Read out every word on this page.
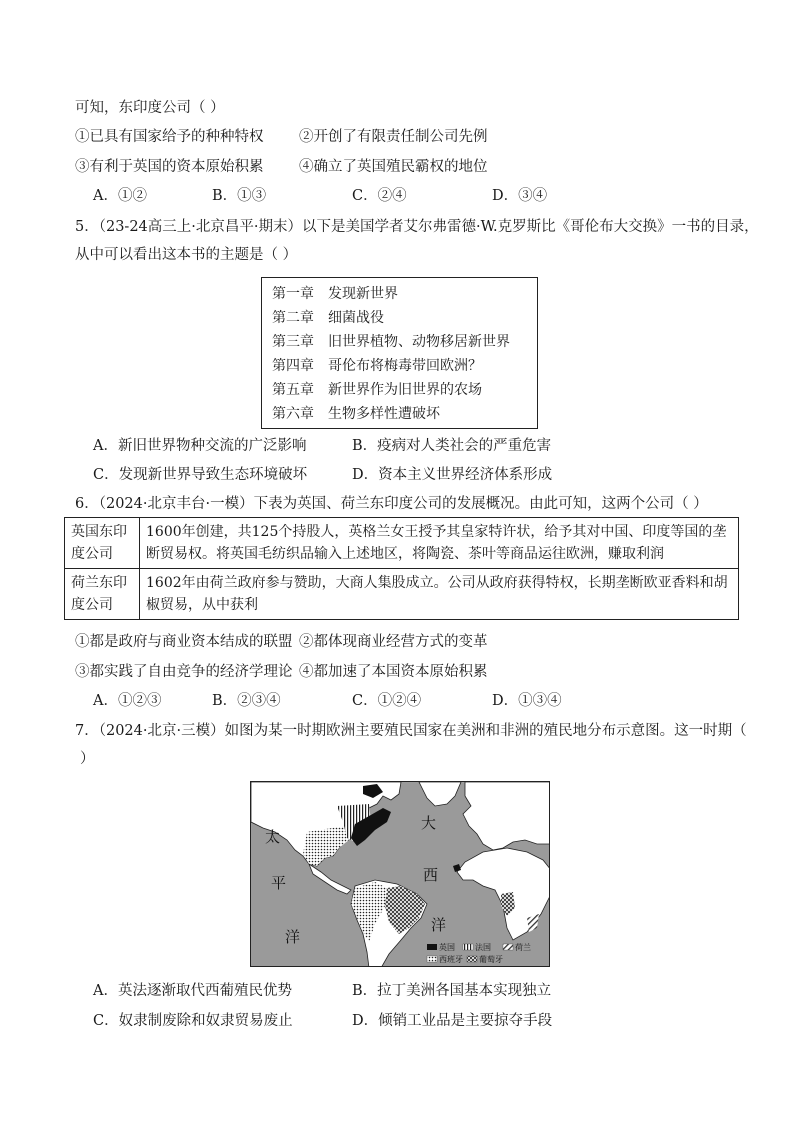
可知，东印度公司（ ）
①已具有国家给予的种种特权 ②开创了有限责任制公司先例
③有利于英国的资本原始积累 ④确立了英国殖民霸权的地位
A．①②	B．①③	C．②④	D．③④
5．（23-24高三上·北京昌平·期末）以下是美国学者艾尔弗雷德·W.克罗斯比《哥伦布大交换》一书的目录，
从中可以看出这本书的主题是（ ）
第一章 发现新世界
第二章 细菌战役
第三章 旧世界植物、动物移居新世界
第四章 哥伦布将梅毒带回欧洲？
第五章 新世界作为旧世界的农场
第六章 生物多样性遭破坏
A．新旧世界物种交流的广泛影响	B．疫病对人类社会的严重危害
C．发现新世界导致生态环境破坏	D．资本主义世界经济体系形成
6．（2024·北京丰台·一模）下表为英国、荷兰东印度公司的发展概况。由此可知，这两个公司（ ）
英国东印度公司	1600年创建，共125个持股人，英格兰女王授予其皇家特许状，给予其对中国、印度等国的垄断贸易权。将英国毛纺织品输入上述地区，将陶瓷、茶叶等商品运往欧洲，赚取利润
荷兰东印度公司	1602年由荷兰政府参与赞助，大商人集股成立。公司从政府获得特权，长期垄断欧亚香料和胡椒贸易，从中获利
①都是政府与商业资本结成的联盟 ②都体现商业经营方式的变革
③都实践了自由竞争的经济学理论 ④都加速了本国资本原始积累
A．①②③	B．②③④	C．①②④	D．①③④
7．（2024·北京·三模）如图为某一时期欧洲主要殖民国家在美洲和非洲的殖民地分布示意图。这一时期（
）
太
平
洋
大
西
洋
英国	法国	荷兰
西班牙 葡萄牙
A．英法逐渐取代西葡殖民优势	B．拉丁美洲各国基本实现独立
C．奴隶制废除和奴隶贸易废止	D．倾销工业品是主要掠夺手段
